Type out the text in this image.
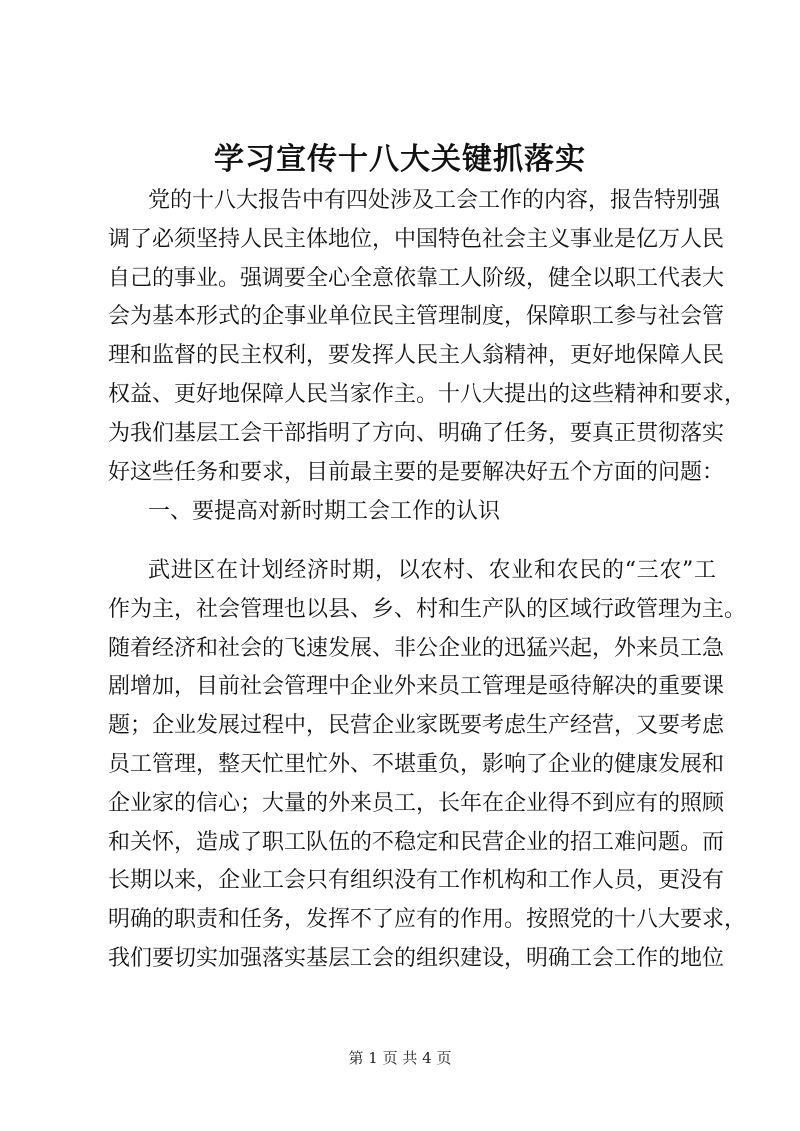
学习宣传十八大关键抓落实
党的十八大报告中有四处涉及工会工作的内容，报告特别强
调了必须坚持人民主体地位，中国特色社会主义事业是亿万人民
自己的事业。强调要全心全意依靠工人阶级，健全以职工代表大
会为基本形式的企事业单位民主管理制度，保障职工参与社会管
理和监督的民主权利，要发挥人民主人翁精神，更好地保障人民
权益、更好地保障人民当家作主。十八大提出的这些精神和要求，
为我们基层工会干部指明了方向、明确了任务，要真正贯彻落实
好这些任务和要求，目前最主要的是要解决好五个方面的问题：
一、要提高对新时期工会工作的认识
武进区在计划经济时期，以农村、农业和农民的“三农”工
作为主，社会管理也以县、乡、村和生产队的区域行政管理为主。
随着经济和社会的飞速发展、非公企业的迅猛兴起，外来员工急
剧增加，目前社会管理中企业外来员工管理是亟待解决的重要课
题；企业发展过程中，民营企业家既要考虑生产经营，又要考虑
员工管理，整天忙里忙外、不堪重负，影响了企业的健康发展和
企业家的信心；大量的外来员工，长年在企业得不到应有的照顾
和关怀，造成了职工队伍的不稳定和民营企业的招工难问题。而
长期以来，企业工会只有组织没有工作机构和工作人员，更没有
明确的职责和任务，发挥不了应有的作用。按照党的十八大要求，
我们要切实加强落实基层工会的组织建设，明确工会工作的地位
第 1 页 共 4 页
